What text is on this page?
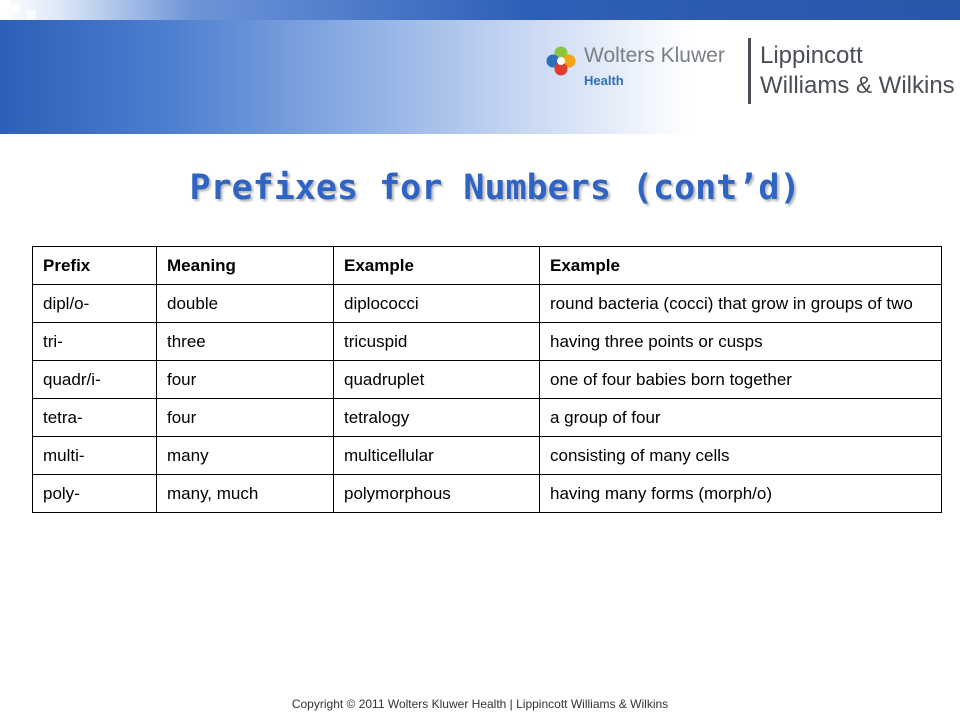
Wolters Kluwer
Health
Lippincott
Williams & Wilkins
Prefixes for Numbers (cont’d)
Prefix	Meaning	Example	Example
dipl/o-	double	diplococci	round bacteria (cocci) that grow in groups of two
tri-	three	tricuspid	having three points or cusps
quadr/i-	four	quadruplet	one of four babies born together
tetra-	four	tetralogy	a group of four
multi-	many	multicellular	consisting of many cells
poly-	many, much	polymorphous	having many forms (morph/o)
Copyright © 2011 Wolters Kluwer Health | Lippincott Williams & Wilkins
